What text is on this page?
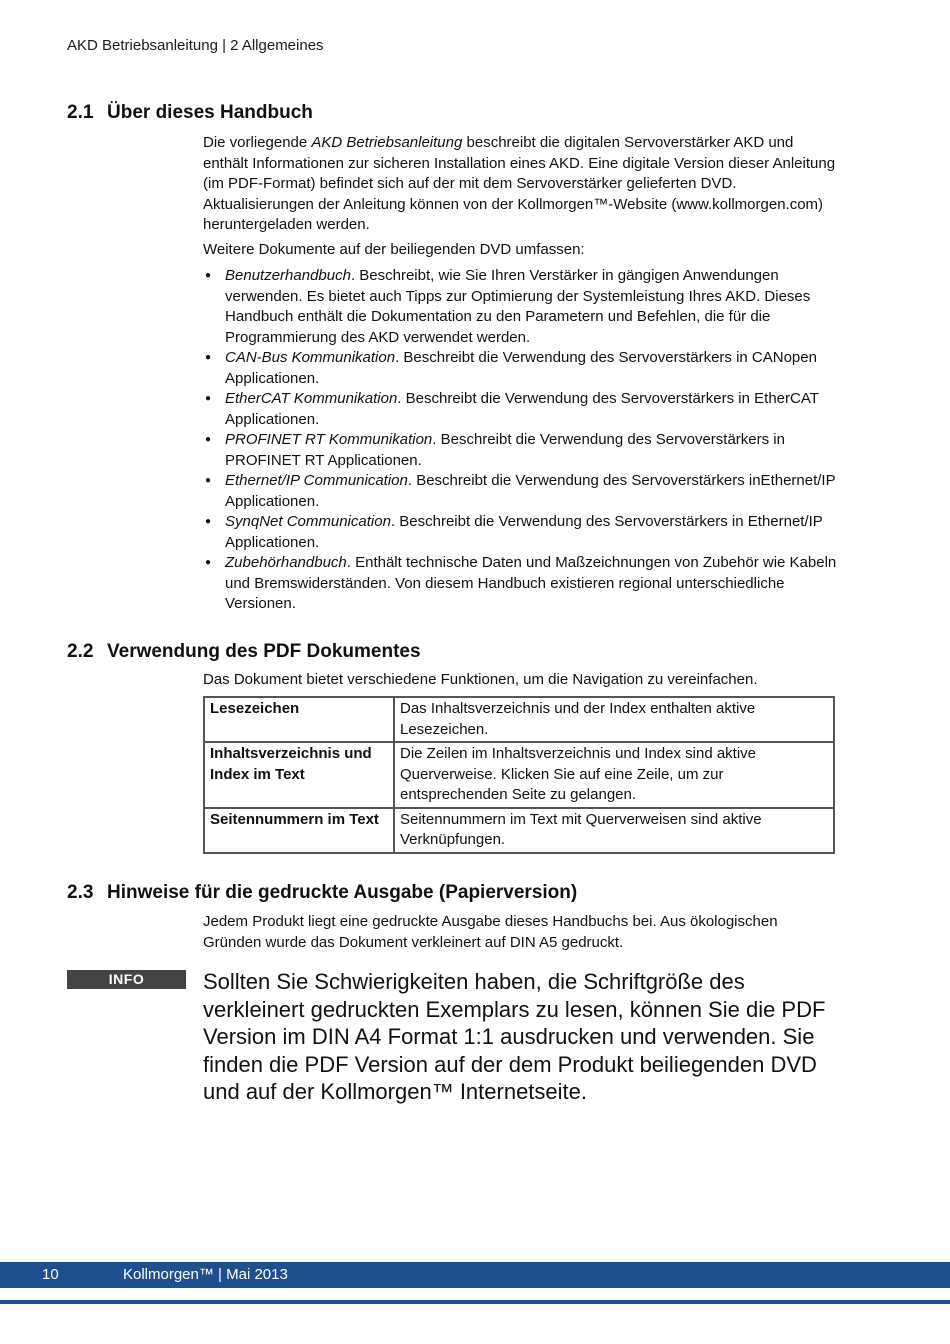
AKD Betriebsanleitung | 2 Allgemeines
2.1 Über dieses Handbuch

Die vorliegende AKD Betriebsanleitung beschreibt die digitalen Servoverstärker AKD und enthält Informationen zur sicheren Installation eines AKD. Eine digitale Version dieser Anleitung (im PDF-Format) befindet sich auf der mit dem Servoverstärker gelieferten DVD. Aktualisierungen der Anleitung können von der Kollmorgen™-Website (www.kollmorgen.com) heruntergeladen werden.

Weitere Dokumente auf der beiliegenden DVD umfassen:

● Benutzerhandbuch. Beschreibt, wie Sie Ihren Verstärker in gängigen Anwendungen verwenden. Es bietet auch Tipps zur Optimierung der Systemleistung Ihres AKD. Dieses Handbuch enthält die Dokumentation zu den Parametern und Befehlen, die für die Programmierung des AKD verwendet werden.
● CAN-Bus Kommunikation. Beschreibt die Verwendung des Servoverstärkers in CANopen Applicationen.
● EtherCAT Kommunikation. Beschreibt die Verwendung des Servoverstärkers in EtherCAT Applicationen.
● PROFINET RT Kommunikation. Beschreibt die Verwendung des Servoverstärkers in PROFINET RT Applicationen.
● Ethernet/IP Communication. Beschreibt die Verwendung des Servoverstärkers inEthernet/IP Applicationen.
● SynqNet Communication. Beschreibt die Verwendung des Servoverstärkers in Ethernet/IP Applicationen.
● Zubehörhandbuch. Enthält technische Daten und Maßzeichnungen von Zubehör wie Kabeln und Bremswiderständen. Von diesem Handbuch existieren regional unterschiedliche Versionen.
2.2 Verwendung des PDF Dokumentes
Das Dokument bietet verschiedene Funktionen, um die Navigation zu vereinfachen.
Lesezeichen	Das Inhaltsverzeichnis und der Index enthalten aktive Lesezeichen.
Inhaltsverzeichnis und Index im Text	Die Zeilen im Inhaltsverzeichnis und Index sind aktive Querverweise. Klicken Sie auf eine Zeile, um zur entsprechenden Seite zu gelangen.
Seitennummern im Text	Seitennummern im Text mit Querverweisen sind aktive Verknüpfungen.
2.3 Hinweise für die gedruckte Ausgabe (Papierversion)
Jedem Produkt liegt eine gedruckte Ausgabe dieses Handbuchs bei. Aus ökologischen Gründen wurde das Dokument verkleinert auf DIN A5 gedruckt.
INFO	Sollten Sie Schwierigkeiten haben, die Schriftgröße des verkleinert gedruckten Exemplars zu lesen, können Sie die PDF Version im DIN A4 Format 1:1 ausdrucken und verwenden. Sie finden die PDF Version auf der dem Produkt beiliegenden DVD und auf der Kollmorgen™ Internetseite.
10	Kollmorgen™ | Mai 2013
